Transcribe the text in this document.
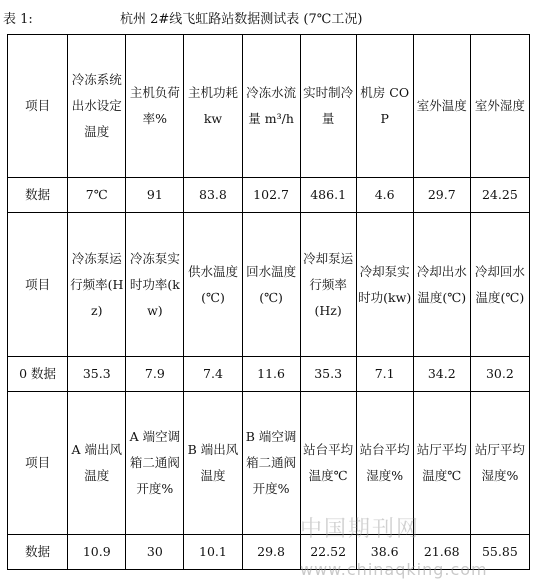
表 1:	杭州 2#线飞虹路站数据测试表 (7℃工况)
项目	冷冻系统出水设定温度	主机负荷率%	主机功耗 kw	冷冻水流量 m³/h	实时制冷量	机房 COP	室外温度	室外湿度
数据	7℃	91	83.8	102.7	486.1	4.6	29.7	24.25
项目	冷冻泵运行频率(Hz)	冷冻泵实时功率(kw)	供水温度(℃)	回水温度(℃)	冷却泵运行频率(Hz)	冷却泵实时功(kw)	冷却出水温度(℃)	冷却回水温度(℃)
0 数据	35.3	7.9	7.4	11.6	35.3	7.1	34.2	30.2
项目	A 端出风温度	A 端空调箱二通阀开度%	B 端出风温度	B 端空调箱二通阀开度%	站台平均温度℃	站台平均湿度%	站厅平均温度℃	站厅平均湿度%
数据	10.9	30	10.1	29.8	22.52	38.6	21.68	55.85
中国期刊网
www.chinaqking.com
